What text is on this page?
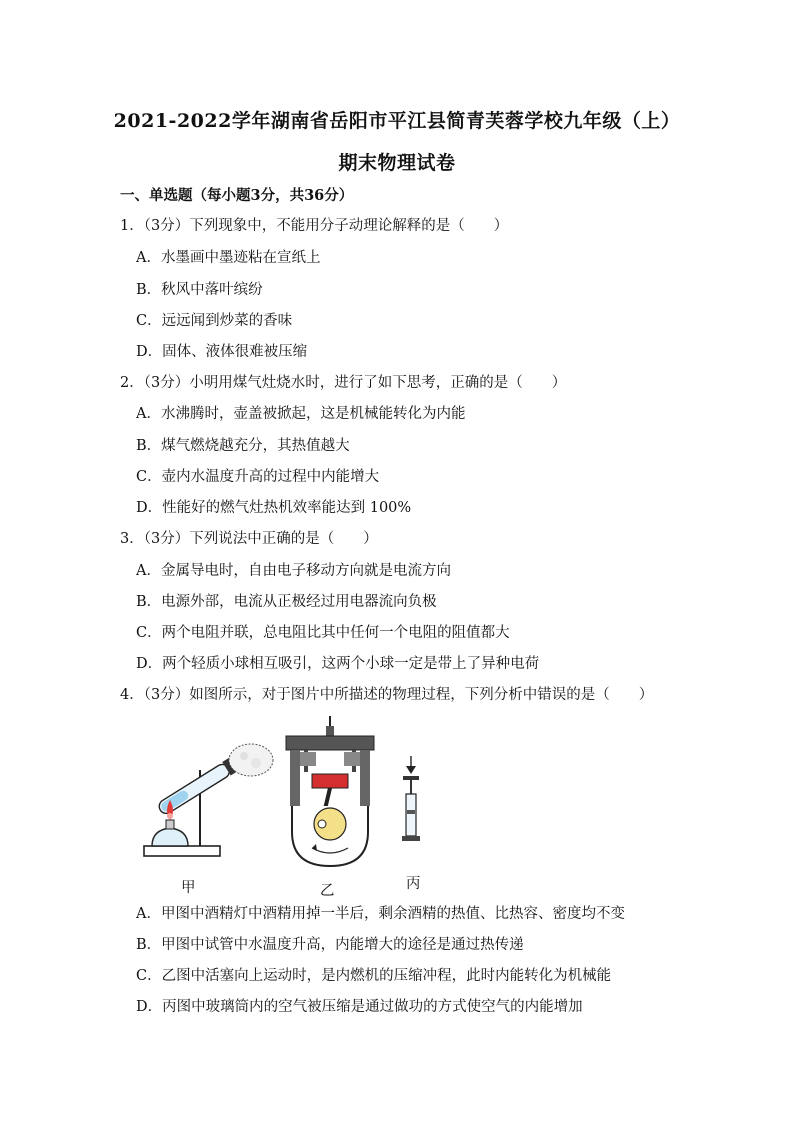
2021-2022学年湖南省岳阳市平江县简青芙蓉学校九年级（上）
期末物理试卷
一、单选题（每小题3分，共36分）
1．（3分）下列现象中，不能用分子动理论解释的是（　　）
A．水墨画中墨迹粘在宣纸上
B．秋风中落叶缤纷
C．远远闻到炒菜的香味
D．固体、液体很难被压缩
2．（3分）小明用煤气灶烧水时，进行了如下思考，正确的是（　　）
A．水沸腾时，壶盖被掀起，这是机械能转化为内能
B．煤气燃烧越充分，其热值越大
C．壶内水温度升高的过程中内能增大
D．性能好的燃气灶热机效率能达到 100%
3．（3分）下列说法中正确的是（　　）
A．金属导电时，自由电子移动方向就是电流方向
B．电源外部，电流从正极经过用电器流向负极
C．两个电阻并联，总电阻比其中任何一个电阻的阻值都大
D．两个轻质小球相互吸引，这两个小球一定是带上了异种电荷
4．（3分）如图所示，对于图片中所描述的物理过程，下列分析中错误的是（　　）
甲	乙	丙
A．甲图中酒精灯中酒精用掉一半后，剩余酒精的热值、比热容、密度均不变
B．甲图中试管中水温度升高，内能增大的途径是通过热传递
C．乙图中活塞向上运动时，是内燃机的压缩冲程，此时内能转化为机械能
D．丙图中玻璃筒内的空气被压缩是通过做功的方式使空气的内能增加
